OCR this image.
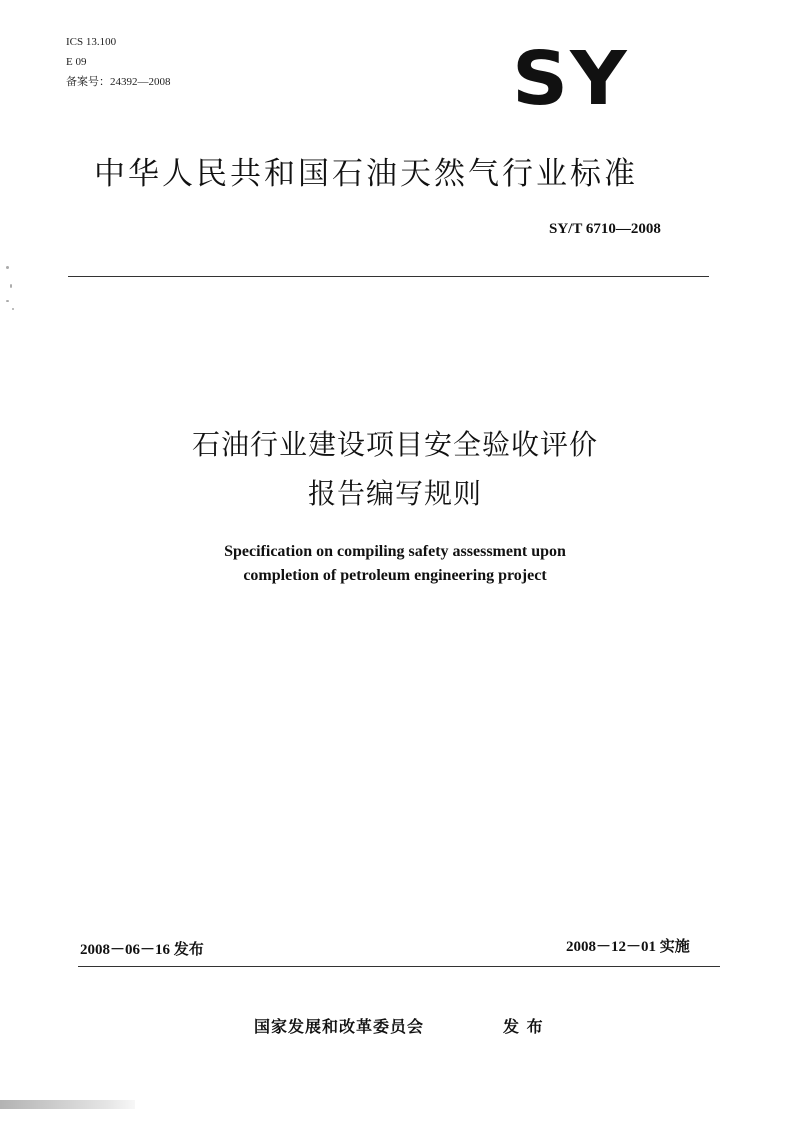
ICS 13.100
E 09
备案号：24392—2008	SY
中华人民共和国石油天然气行业标准
SY/T 6710—2008
石油行业建设项目安全验收评价
报告编写规则
Specification on compiling safety assessment upon
completion of petroleum engineering project
2008－06－16 发布	2008－12－01 实施
国家发展和改革委员会	发 布
